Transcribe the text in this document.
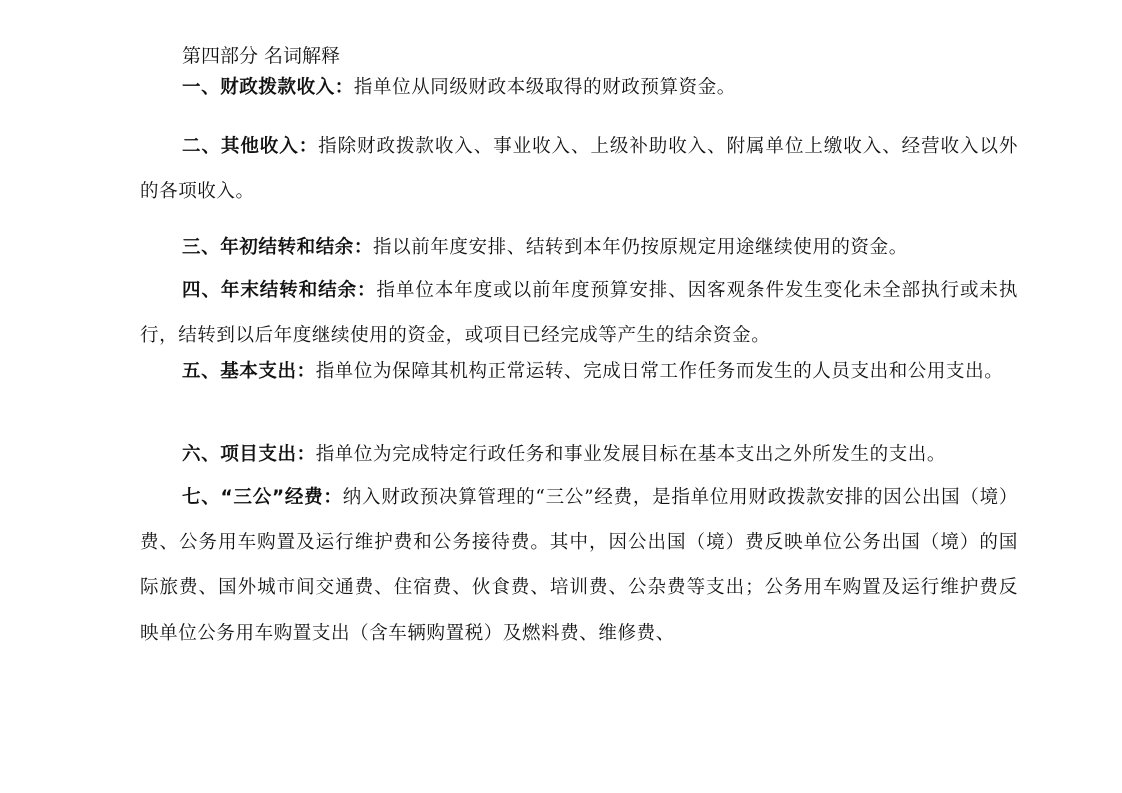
第四部分 名词解释

一、财政拨款收入：指单位从同级财政本级取得的财政预算资金。

二、其他收入：指除财政拨款收入、事业收入、上级补助收入、附属单位上缴收入、经营收入以外的各项收入。

三、年初结转和结余：指以前年度安排、结转到本年仍按原规定用途继续使用的资金。

四、年末结转和结余：指单位本年度或以前年度预算安排、因客观条件发生变化未全部执行或未执行，结转到以后年度继续使用的资金，或项目已经完成等产生的结余资金。

五、基本支出：指单位为保障其机构正常运转、完成日常工作任务而发生的人员支出和公用支出。

六、项目支出：指单位为完成特定行政任务和事业发展目标在基本支出之外所发生的支出。

七、“三公”经费：纳入财政预决算管理的“三公”经费，是指单位用财政拨款安排的因公出国（境）费、公务用车购置及运行维护费和公务接待费。其中，因公出国（境）费反映单位公务出国（境）的国际旅费、国外城市间交通费、住宿费、伙食费、培训费、公杂费等支出；公务用车购置及运行维护费反映单位公务用车购置支出（含车辆购置税）及燃料费、维修费、
